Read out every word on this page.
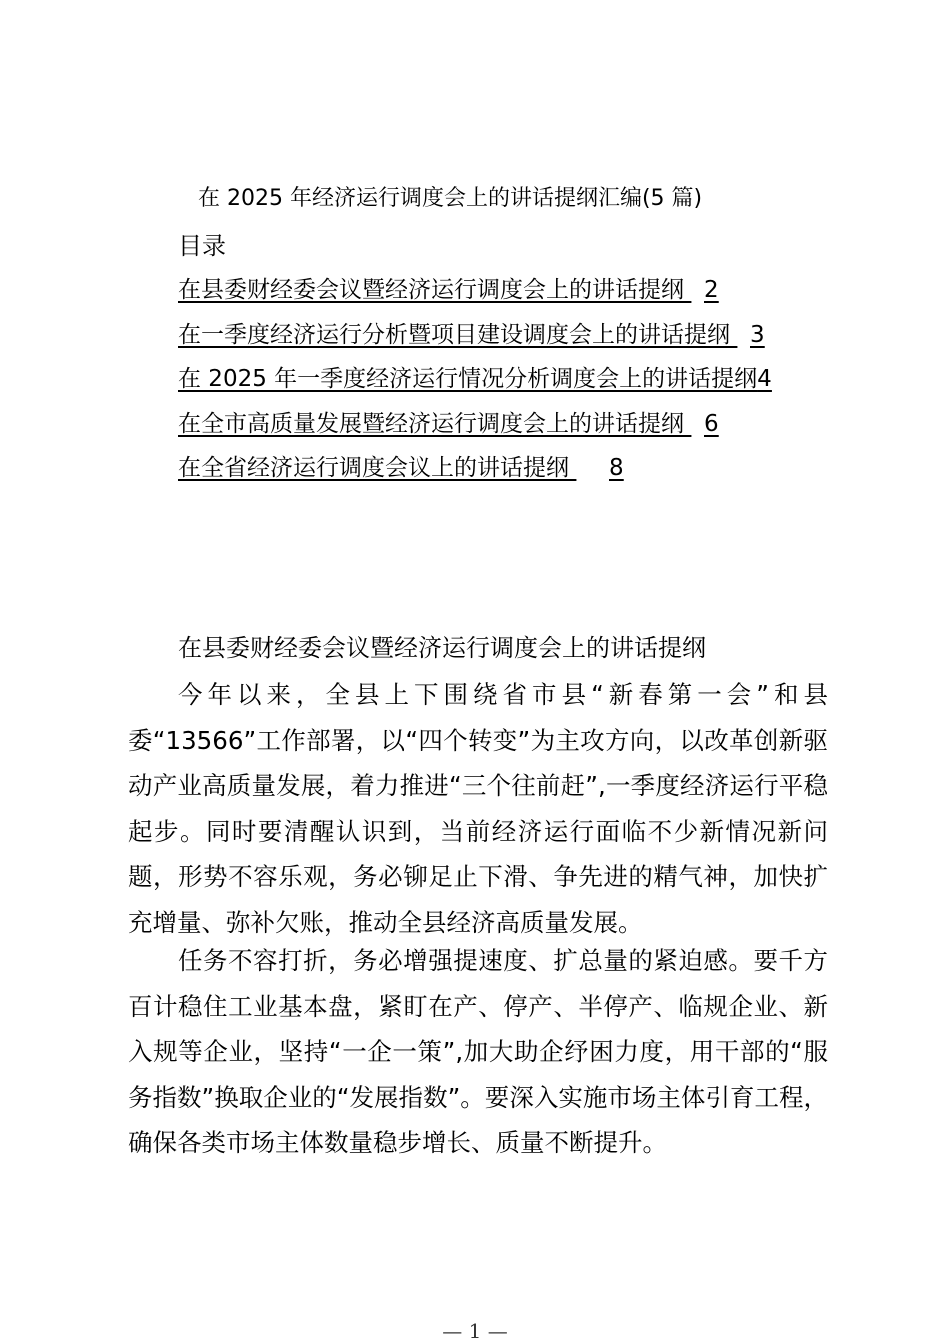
在 2025 年经济运行调度会上的讲话提纲汇编(5 篇)
目录
在县委财经委会议暨经济运行调度会上的讲话提纲
2
在一季度经济运行分析暨项目建设调度会上的讲话提纲
3
在 2025 年一季度经济运行情况分析调度会上的讲话提纲 4
在全市高质量发展暨经济运行调度会上的讲话提纲
6
在全省经济运行调度会议上的讲话提纲
8
在县委财经委会议暨经济运行调度会上的讲话提纲

今年以来，全县上下围绕省市县“新春第一会”和县委“13566”工作部署，以“四个转变”为主攻方向，以改革创新驱动产业高质量发展，着力推进“三个往前赶”,一季度经济运行平稳起步。同时要清醒认识到，当前经济运行面临不少新情况新问题，形势不容乐观，务必铆足止下滑、争先进的精气神，加快扩充增量、弥补欠账，推动全县经济高质量发展。

任务不容打折，务必增强提速度、扩总量的紧迫感。要千方百计稳住工业基本盘，紧盯在产、停产、半停产、临规企业、新入规等企业，坚持“一企一策”,加大助企纾困力度，用干部的“服务指数”换取企业的“发展指数”。要深入实施市场主体引育工程，确保各类市场主体数量稳步增长、质量不断提升。

— 1 —
